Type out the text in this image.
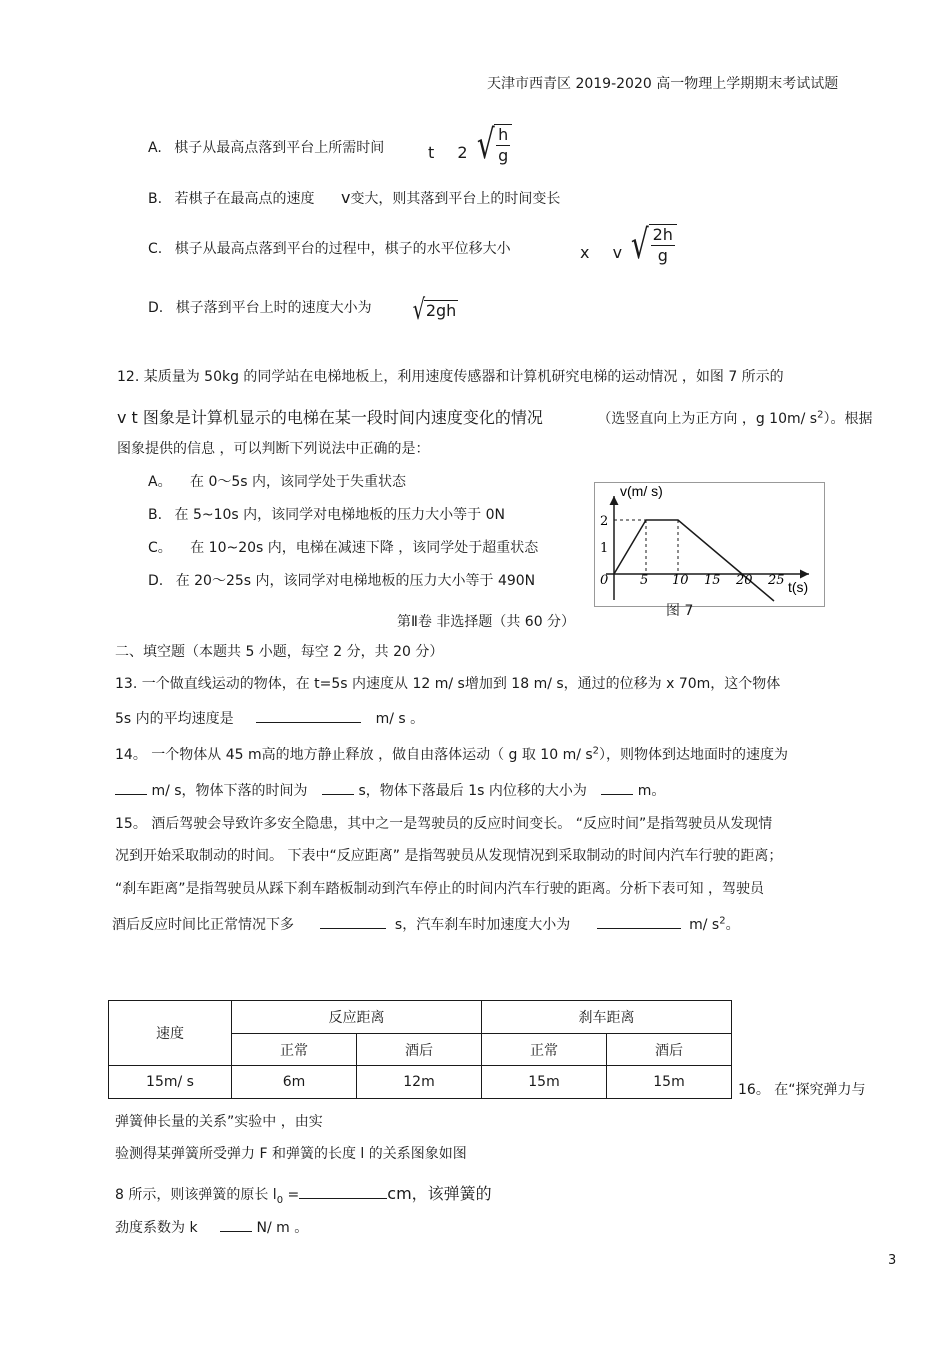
天津市西青区 2019-2020 高一物理上学期期末考试试题
A. 棋子从最高点落到平台上所需时间	t 2 √ $\frac{h}{g}$
B. 若棋子在最高点的速度 v变大，则其落到平台上的时间变长
C. 棋子从最高点落到平台的过程中，棋子的水平位移大小	x v √ $\frac{2h}{g}$
D. 棋子落到平台上时的速度大小为 √ 2gh
12. 某质量为 50kg 的同学站在电梯地板上，利用速度传感器和计算机研究电梯的运动情况 ，如图 7 所示的
v t 图象是计算机显示的电梯在某一段时间内速度变化的情况	（选竖直向上为正方向 ，g 10m/ $s^2$）。根据
图象提供的信息 ，可以判断下列说法中正确的是：
A。 在 0～5s 内，该同学处于失重状态
B. 在 5~10s 内，该同学对电梯地板的压力大小等于 0N
C。 在 10~20s 内，电梯在减速下降 ，该同学处于超重状态
D. 在 20～25s 内，该同学对电梯地板的压力大小等于 490N	0 5 10 15 20 25
1
2
v(m/ s)
t(s)
图 7
第Ⅱ卷 非选择题（共 60 分）
二、填空题（本题共 5 小题，每空 2 分，共 20 分）
13. 一个做直线运动的物体，在 t=5s 内速度从 12 m/ s增加到 18 m/ s，通过的位移为 x 70m，这个物体
5s 内的平均速度是	m/ s 。
14。 一个物体从 45 m高的地方静止释放 ，做自由落体运动（ g 取 10 m/ $s^2$），则物体到达地面时的速度为
m/ s，物体下落的时间为	s，物体下落最后 1s 内位移的大小为	m。
15。 酒后驾驶会导致许多安全隐患，其中之一是驾驶员的反应时间变长。 “反应时间”是指驾驶员从发现情
况到开始采取制动的时间。 下表中“反应距离” 是指驾驶员从发现情况到采取制动的时间内汽车行驶的距离；
“刹车距离”是指驾驶员从踩下刹车踏板制动到汽车停止的时间内汽车行驶的距离。分析下表可知 ，驾驶员
酒后反应时间比正常情况下多	s，汽车刹车时加速度大小为	m/ $s^2$。
速度	反应距离		刹车距离	
	正常	酒后	正常	酒后
15m/ s	6m	12m	15m	15m	16。 在“探究弹力与
弹簧伸长量的关系”实验中 ，由实
验测得某弹簧所受弹力 F 和弹簧的长度 l 的关系图象如图
8 所示，则该弹簧的原长 $l_0$ =	cm，该弹簧的
劲度系数为 k	N/ m 。
3
